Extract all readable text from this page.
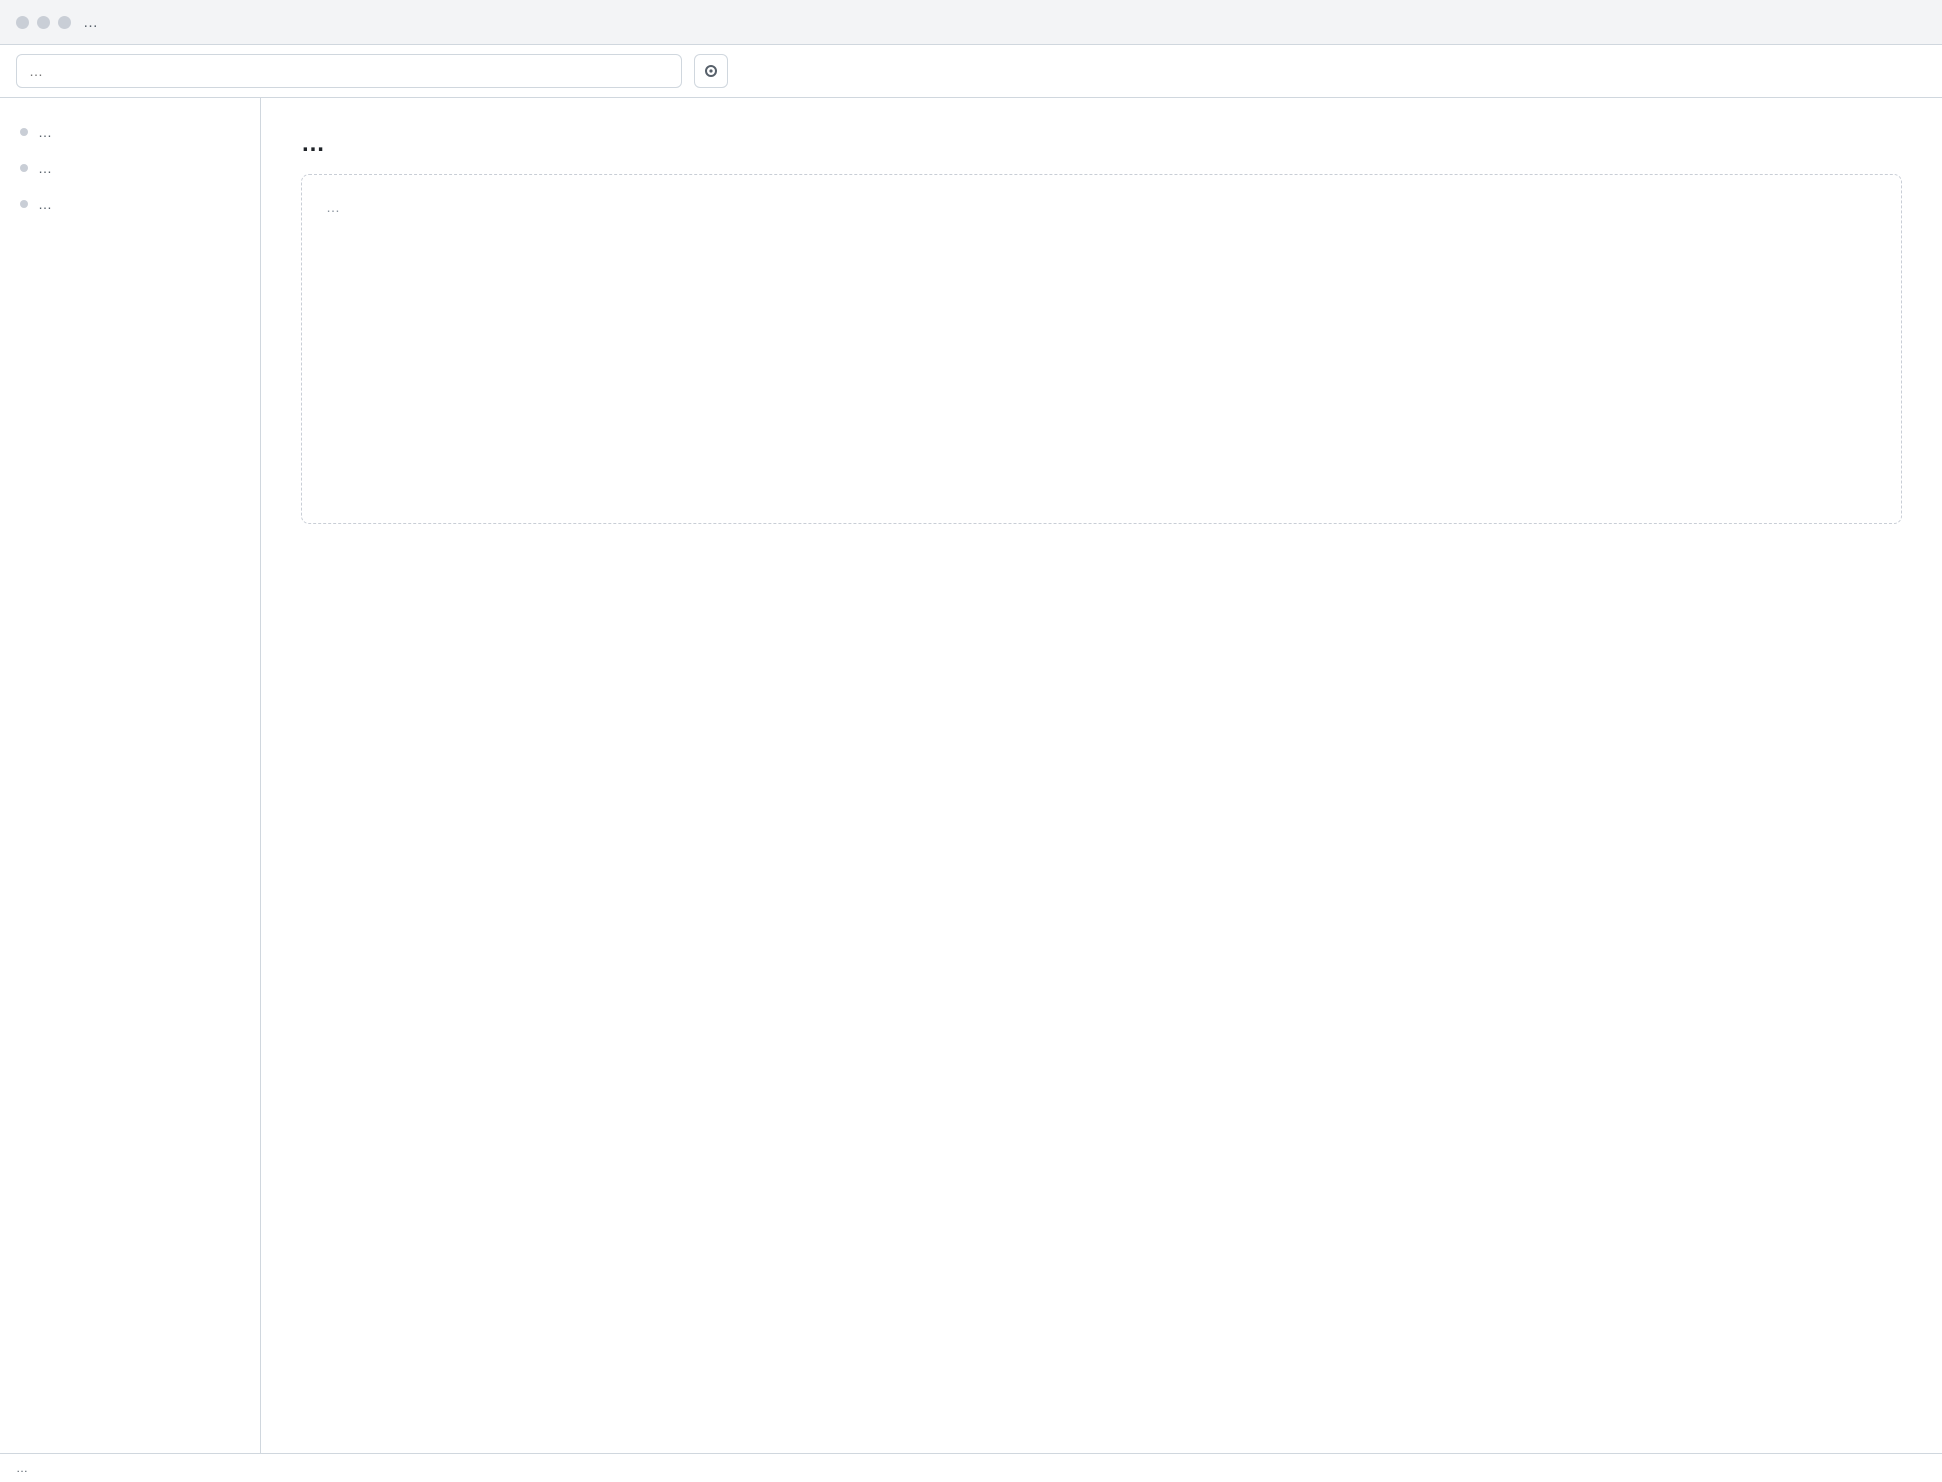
…
…
…
…
…
…
…
…
